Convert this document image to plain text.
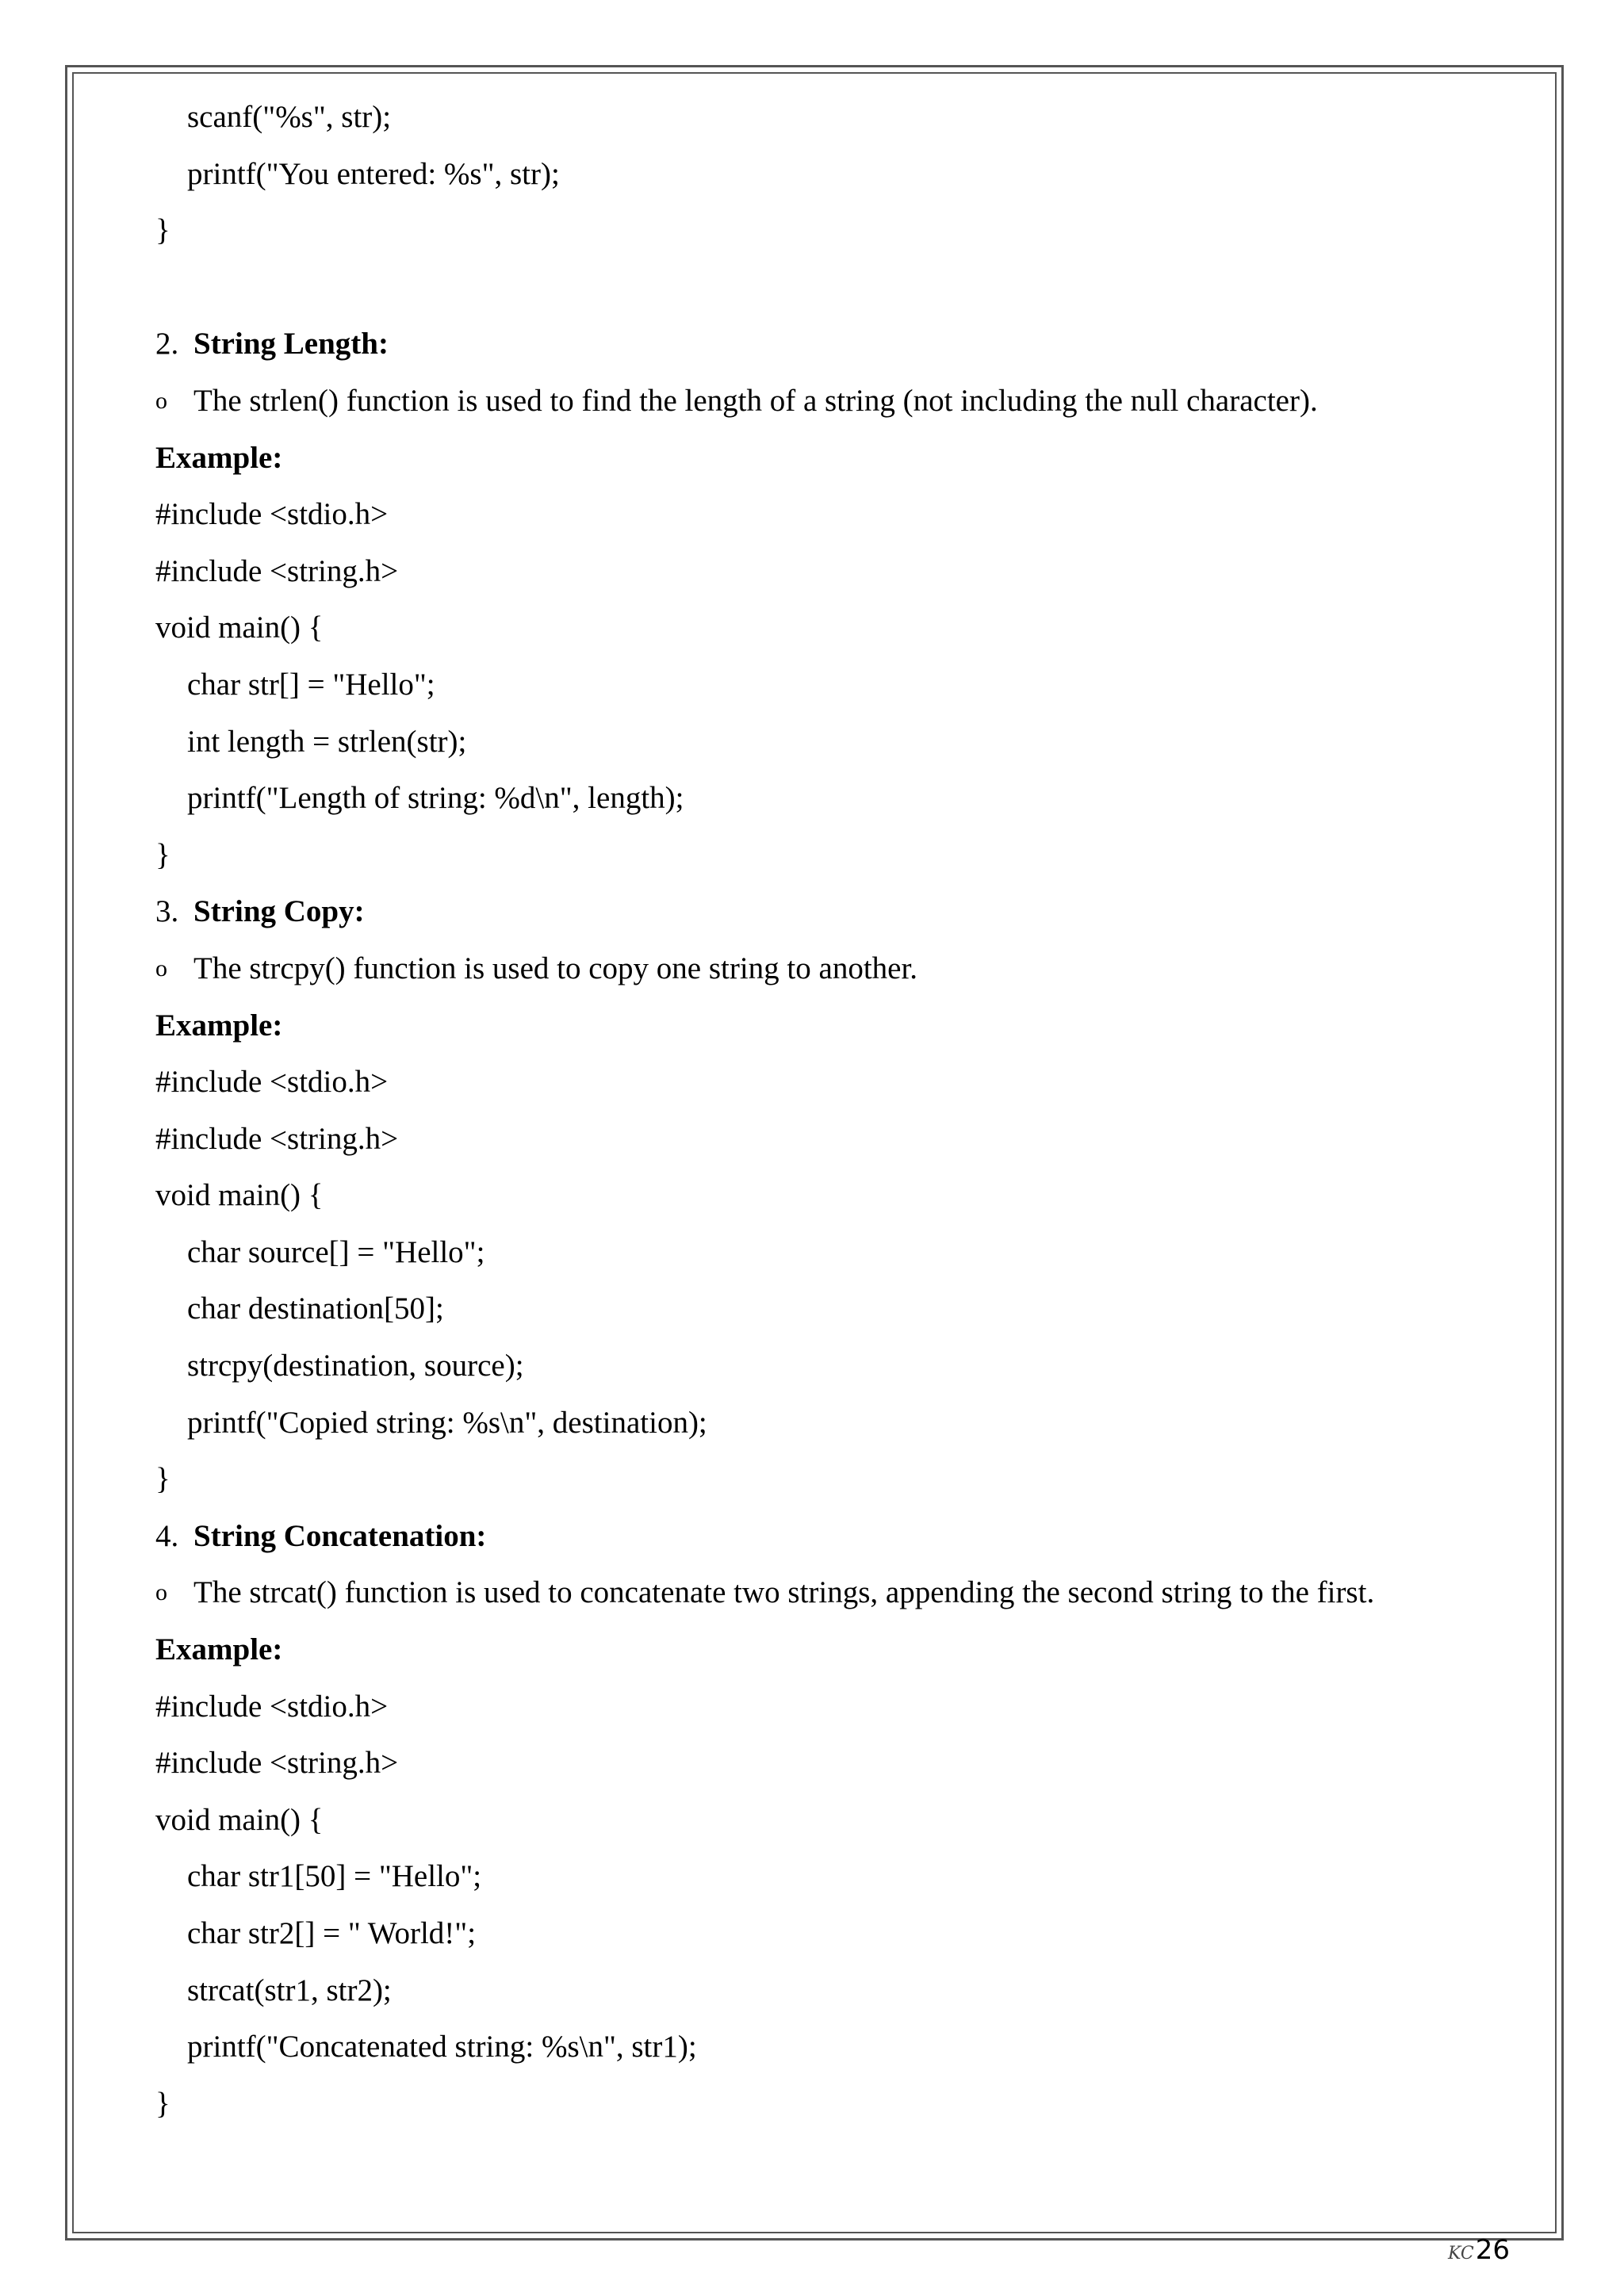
scanf("%s", str);
printf("You entered: %s", str);
}
2. String Length:
o The strlen() function is used to find the length of a string (not including the null character).
Example:
#include <stdio.h>
#include <string.h>
void main() {
char str[] = "Hello";
int length = strlen(str);
printf("Length of string: %d\n", length);
}
3. String Copy:
o The strcpy() function is used to copy one string to another.
Example:
#include <stdio.h>
#include <string.h>
void main() {
char source[] = "Hello";
char destination[50];
strcpy(destination, source);
printf("Copied string: %s\n", destination);
}
4. String Concatenation:
o The strcat() function is used to concatenate two strings, appending the second string to the first.
Example:
#include <stdio.h>
#include <string.h>
void main() {
char str1[50] = "Hello";
char str2[] = " World!";
strcat(str1, str2);
printf("Concatenated string: %s\n", str1);
}
KC26
